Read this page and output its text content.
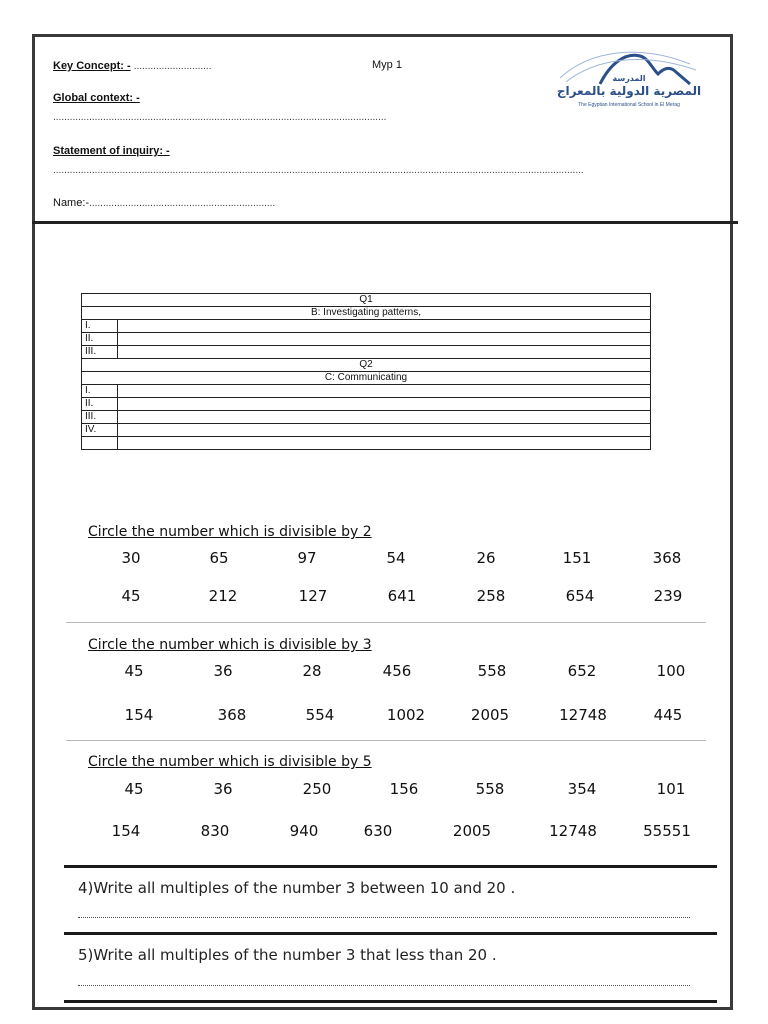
Key Concept: - ............................	Myp 1
Global context: -
........................................................................................................................
Statement of inquiry: -
...............................................................................................................................................................................................
Name:-...................................................................
المدرسة
المصرية الدولية بالمعراج
The Egyptian International School in El Merag
Q1	
B: Investigating patterns,	
I.	
II.	
III.	
Q2	
C: Communicating	
I.	
II.	
III.	
IV.	

Circle the number which is divisible by 2
30	65	97	54	26	151	368
45	212	127	641	258	654	239
Circle the number which is divisible by 3
45	36	28	456	558	652	100
154	368	554	1002	2005	12748	445
Circle the number which is divisible by 5
45	36	250	156	558	354	101
154	830	940	630	2005	12748	55551
4)Write all multiples of the number 3 between 10 and 20 .
5)Write all multiples of the number 3 that less than 20 .
